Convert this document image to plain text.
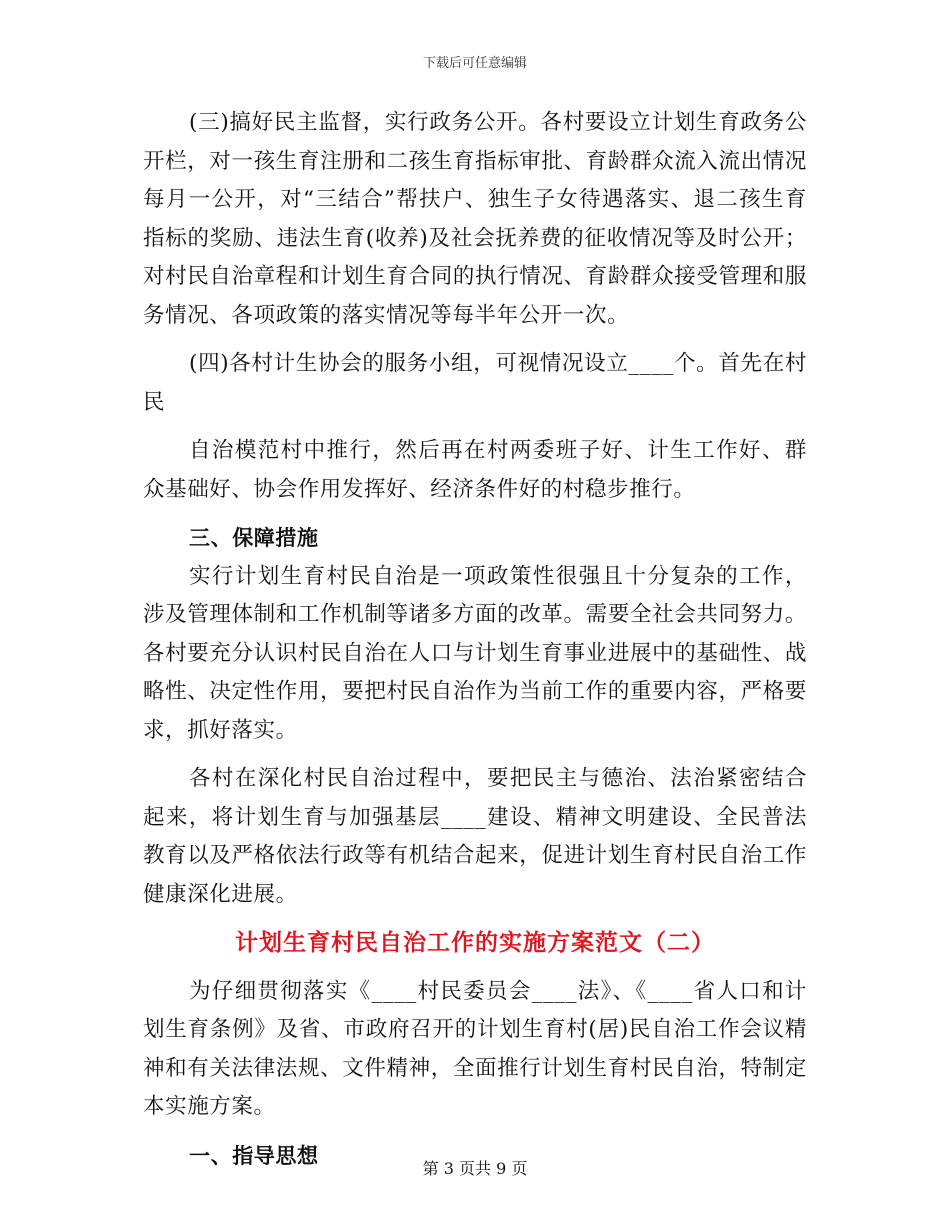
下载后可任意编辑

(三)搞好民主监督，实行政务公开。各村要设立计划生育政务公开栏，对一孩生育注册和二孩生育指标审批、育龄群众流入流出情况每月一公开，对“三结合”帮扶户、独生子女待遇落实、退二孩生育指标的奖励、违法生育(收养)及社会抚养费的征收情况等及时公开；对村民自治章程和计划生育合同的执行情况、育龄群众接受管理和服务情况、各项政策的落实情况等每半年公开一次。

(四)各村计生协会的服务小组，可视情况设立____个。首先在村民

自治模范村中推行，然后再在村两委班子好、计生工作好、群众基础好、协会作用发挥好、经济条件好的村稳步推行。

三、保障措施

实行计划生育村民自治是一项政策性很强且十分复杂的工作，涉及管理体制和工作机制等诸多方面的改革。需要全社会共同努力。各村要充分认识村民自治在人口与计划生育事业进展中的基础性、战略性、决定性作用，要把村民自治作为当前工作的重要内容，严格要求，抓好落实。

各村在深化村民自治过程中，要把民主与德治、法治紧密结合起来，将计划生育与加强基层____建设、精神文明建设、全民普法教育以及严格依法行政等有机结合起来，促进计划生育村民自治工作健康深化进展。

计划生育村民自治工作的实施方案范文（二）

为仔细贯彻落实《____村民委员会____法》、《____省人口和计划生育条例》及省、市政府召开的计划生育村(居)民自治工作会议精神和有关法律法规、文件精神，全面推行计划生育村民自治，特制定本实施方案。

一、指导思想

第 3 页共 9 页
